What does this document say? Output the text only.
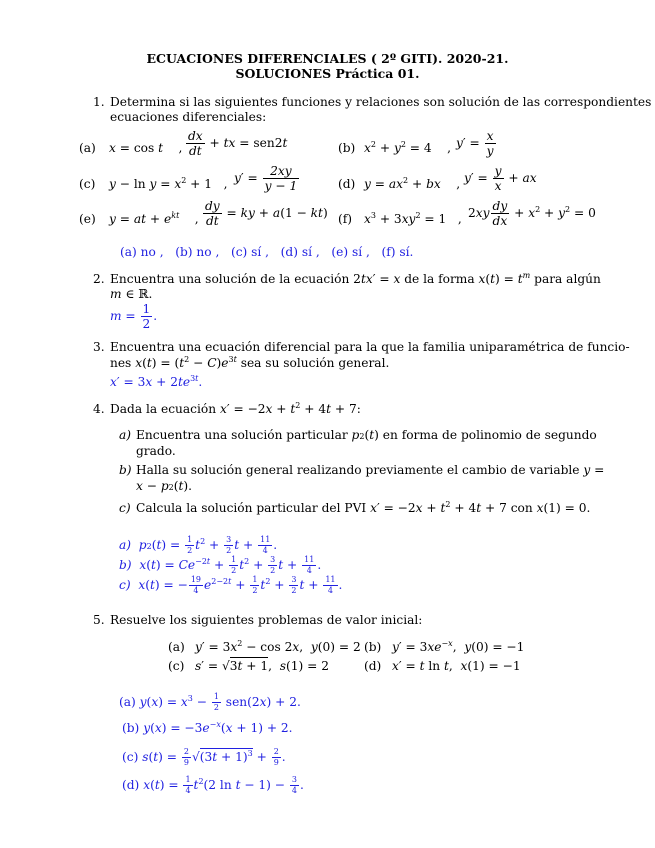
ECUACIONES DIFERENCIALES ( 2º GITI). 2020-21.
SOLUCIONES Práctica 01.
1. Determina si las siguientes funciones y relaciones son solución de las correspondientes
ecuaciones diferenciales:
(a) x = cos t    , $\frac{dx}{dt}$ + tx = sen2t	(b) $x^2 + y^2 = 4$    , $y' = \frac{x}{y}$
(c) $y - \ln y = x^2 + 1$   , $y' = \frac{2xy}{y - 1}$	(d) $y = ax^2$ + bx    , $y' = \frac{y}{x}$ + ax
(e) y = at + $e^{kt}$    , $\frac{dy}{dt}$ = ky + a(1 − kt) (f) $x^3 + 3xy^2 = 1$   , $2xy \frac{dy}{dx} + x^2 + y^2 = 0$
(a) no ,   (b) no ,   (c) sí ,   (d) sí ,   (e) sí ,   (f) sí.
2. Encuentra una solución de la ecuación 2tx′ = x de la forma $x(t) = t^m$ para algún
m ∈ ℝ.
$m = \frac{1}{2}$ .
3. Encuentra una ecuación diferencial para la que la familia uniparamétrica de funcio-
nes $x(t) = (t^2 - C)e^{3t}$ sea su solución general.
$x' = 3x + 2te^{3t}$.
4. Dada la ecuación $x' = -2x + t^2 + 4t + 7$:
a) Encuentra una solución particular p2(t) en forma de polinomio de segundo
grado.
b) Halla su solución general realizando previamente el cambio de variable y =
x − p2(t).
c) Calcula la solución particular del PVI $x' = -2x + t^2 + 4t + 7$ con x(1) = 0.
a) $p2(t) = \frac{1}{2} t^2 + \frac{3}{2}$ $t + \frac{11}{4}$ .
b) $x(t) = Ce^{-2t} + \frac{1}{2} t^2 + \frac{3}{2}$ $t + \frac{11}{4}$ .
c) x(t) = − $\frac{19}{4} e^{2-2t} + \frac{1}{2} t^2 + \frac{3}{2}$ $t + \frac{11}{4}$ .
5. Resuelve los siguientes problemas de valor inicial:
(a) $y' = 3x^2 - \cos 2x$,  y(0) = 2 (b) $y' = 3xe^{-x}$,  y(0) = −1
(c) s′ = √3t + 1,  s(1) = 2	(d) x′ = t ln t,  x(1) = −1
(a) $y(x) = x^3 - \frac{1}{2} sen(2x) + 2$.
(b) $y(x) = -3e^{-x}(x + 1) + 2$.
(c) $s(t) = \frac{2}{9} √(3t + 1)^3 + \frac{2}{9}$ .
(d) $x(t) = \frac{1}{4} t^2(2$ $\ln t - 1) - \frac{3}{4}$ .
